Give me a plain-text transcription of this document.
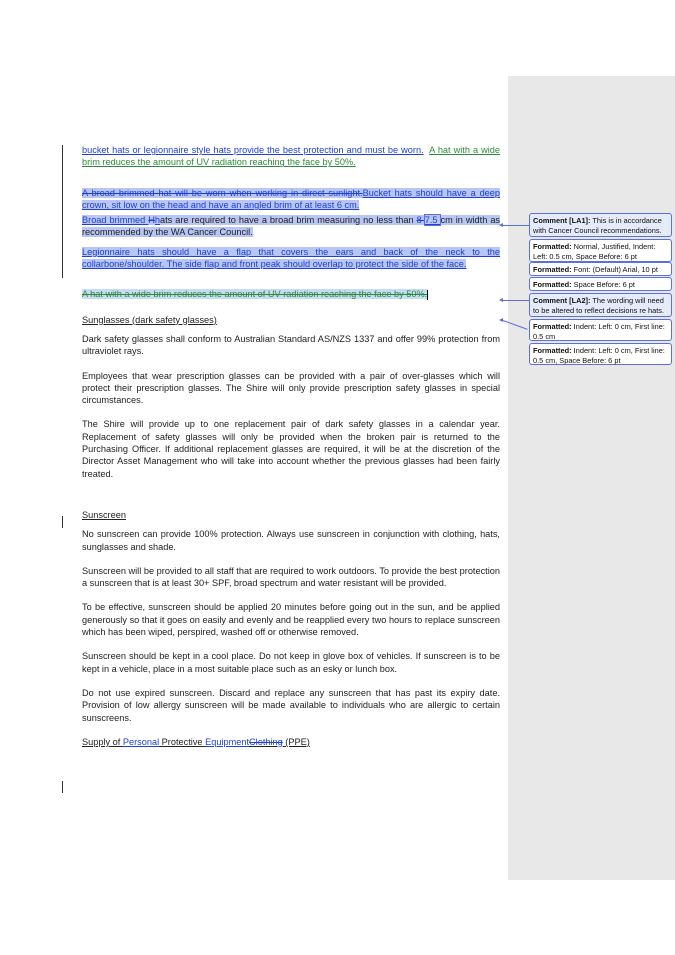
bucket hats or legionnaire style hats provide the best protection and must be worn. A hat with a wide brim reduces the amount of UV radiation reaching the face by 50%.

A broad brimmed hat will be worn when working in direct sunlight.Bucket hats should have a deep crown, sit low on the head and have an angled brim of at least 6 cm.

Broad brimmed Hhats are required to have a broad brim measuring no less than 8 7.5 cm in width as recommended by the WA Cancer Council.

Legionnaire hats should have a flap that covers the ears and back of the neck to the collarbone/shoulder. The side flap and front peak should overlap to protect the side of the face.

A hat with a wide brim reduces the amount of UV radiation reaching the face by 50%.

Sunglasses (dark safety glasses)

Dark safety glasses shall conform to Australian Standard AS/NZS 1337 and offer 99% protection from ultraviolet rays.

Employees that wear prescription glasses can be provided with a pair of over-glasses which will protect their prescription glasses. The Shire will only provide prescription safety glasses in special circumstances.

The Shire will provide up to one replacement pair of dark safety glasses in a calendar year. Replacement of safety glasses will only be provided when the broken pair is returned to the Purchasing Officer. If additional replacement glasses are required, it will be at the discretion of the Director Asset Management who will take into account whether the previous glasses had been fairly treated.

Sunscreen

No sunscreen can provide 100% protection. Always use sunscreen in conjunction with clothing, hats, sunglasses and shade.

Sunscreen will be provided to all staff that are required to work outdoors. To provide the best protection a sunscreen that is at least 30+ SPF, broad spectrum and water resistant will be provided.

To be effective, sunscreen should be applied 20 minutes before going out in the sun, and be applied generously so that it goes on easily and evenly and be reapplied every two hours to replace sunscreen which has been wiped, perspired, washed off or otherwise removed.

Sunscreen should be kept in a cool place. Do not keep in glove box of vehicles. If sunscreen is to be kept in a vehicle, place in a most suitable place such as an esky or lunch box.

Do not use expired sunscreen. Discard and replace any sunscreen that has past its expiry date. Provision of low allergy sunscreen will be made available to individuals who are allergic to certain sunscreens.

Supply of Personal Protective EquipmentClothing (PPE)

Comment [LA1]: This is in accordance with Cancer Council recommendations.
Formatted: Normal, Justified, Indent: Left: 0.5 cm, Space Before: 6 pt
Formatted: Font: (Default) Arial, 10 pt
Formatted: Space Before: 6 pt
Comment [LA2]: The wording will need to be altered to reflect decisions re hats.
Formatted: Indent: Left: 0 cm, First line: 0.5 cm
Formatted: Indent: Left: 0 cm, First line: 0.5 cm, Space Before: 6 pt
